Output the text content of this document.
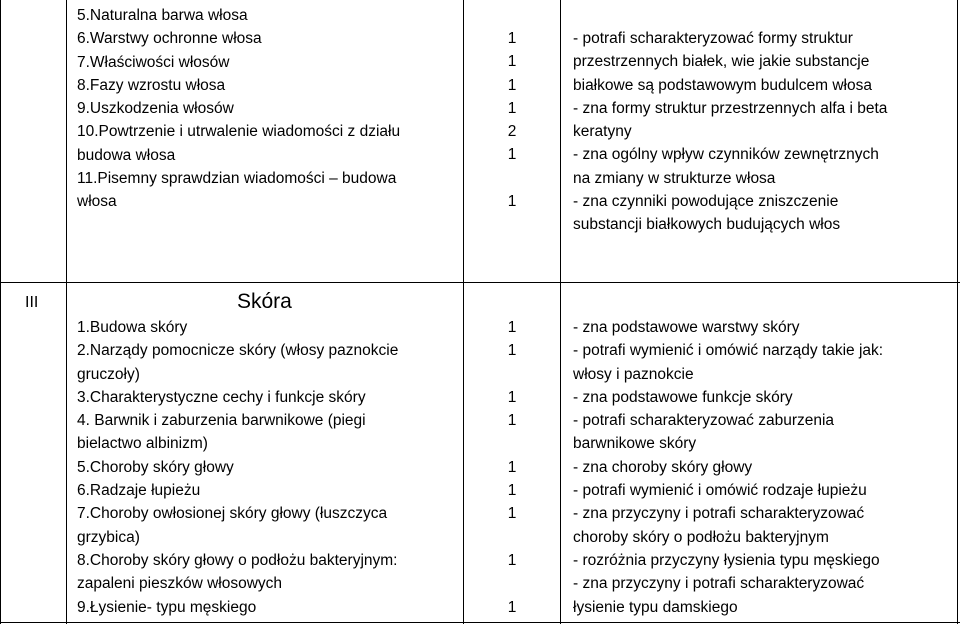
5.Naturalna barwa włosa
6.Warstwy ochronne włosa
7.Właściwości włosów
8.Fazy wzrostu włosa
9.Uszkodzenia włosów
10.Powtrzenie i utrwalenie wiadomości z działu
budowa włosa
11.Pisemny sprawdzian wiadomości – budowa
włosa
1
1
1
1
2
1
1
- potrafi scharakteryzować formy struktur
przestrzennych białek, wie jakie substancje
białkowe są podstawowym budulcem włosa
- zna formy struktur przestrzennych alfa i beta
keratyny
- zna ogólny wpływ czynników zewnętrznych
na zmiany w strukturze włosa
- zna czynniki powodujące zniszczenie
substancji białkowych budujących włos
III	Skóra
1.Budowa skóry
2.Narządy pomocnicze skóry (włosy paznokcie
gruczoły)
3.Charakterystyczne cechy i funkcje skóry
4. Barwnik i zaburzenia barwnikowe (piegi
bielactwo albinizm)
5.Choroby skóry głowy
6.Radzaje łupieżu
7.Choroby owłosionej skóry głowy (łuszczyca
grzybica)
8.Choroby skóry głowy o podłożu bakteryjnym:
zapaleni pieszków włosowych
9.Łysienie- typu męskiego
1
1
1
1
1
1
1
1
1
- zna podstawowe warstwy skóry
- potrafi wymienić i omówić narządy takie jak:
włosy i paznokcie
- zna podstawowe funkcje skóry
- potrafi scharakteryzować zaburzenia
barwnikowe skóry
- zna choroby skóry głowy
- potrafi wymienić i omówić rodzaje łupieżu
- zna przyczyny i potrafi scharakteryzować
choroby skóry o podłożu bakteryjnym
- rozróżnia przyczyny łysienia typu męskiego
- zna przyczyny i potrafi scharakteryzować
łysienie typu damskiego
